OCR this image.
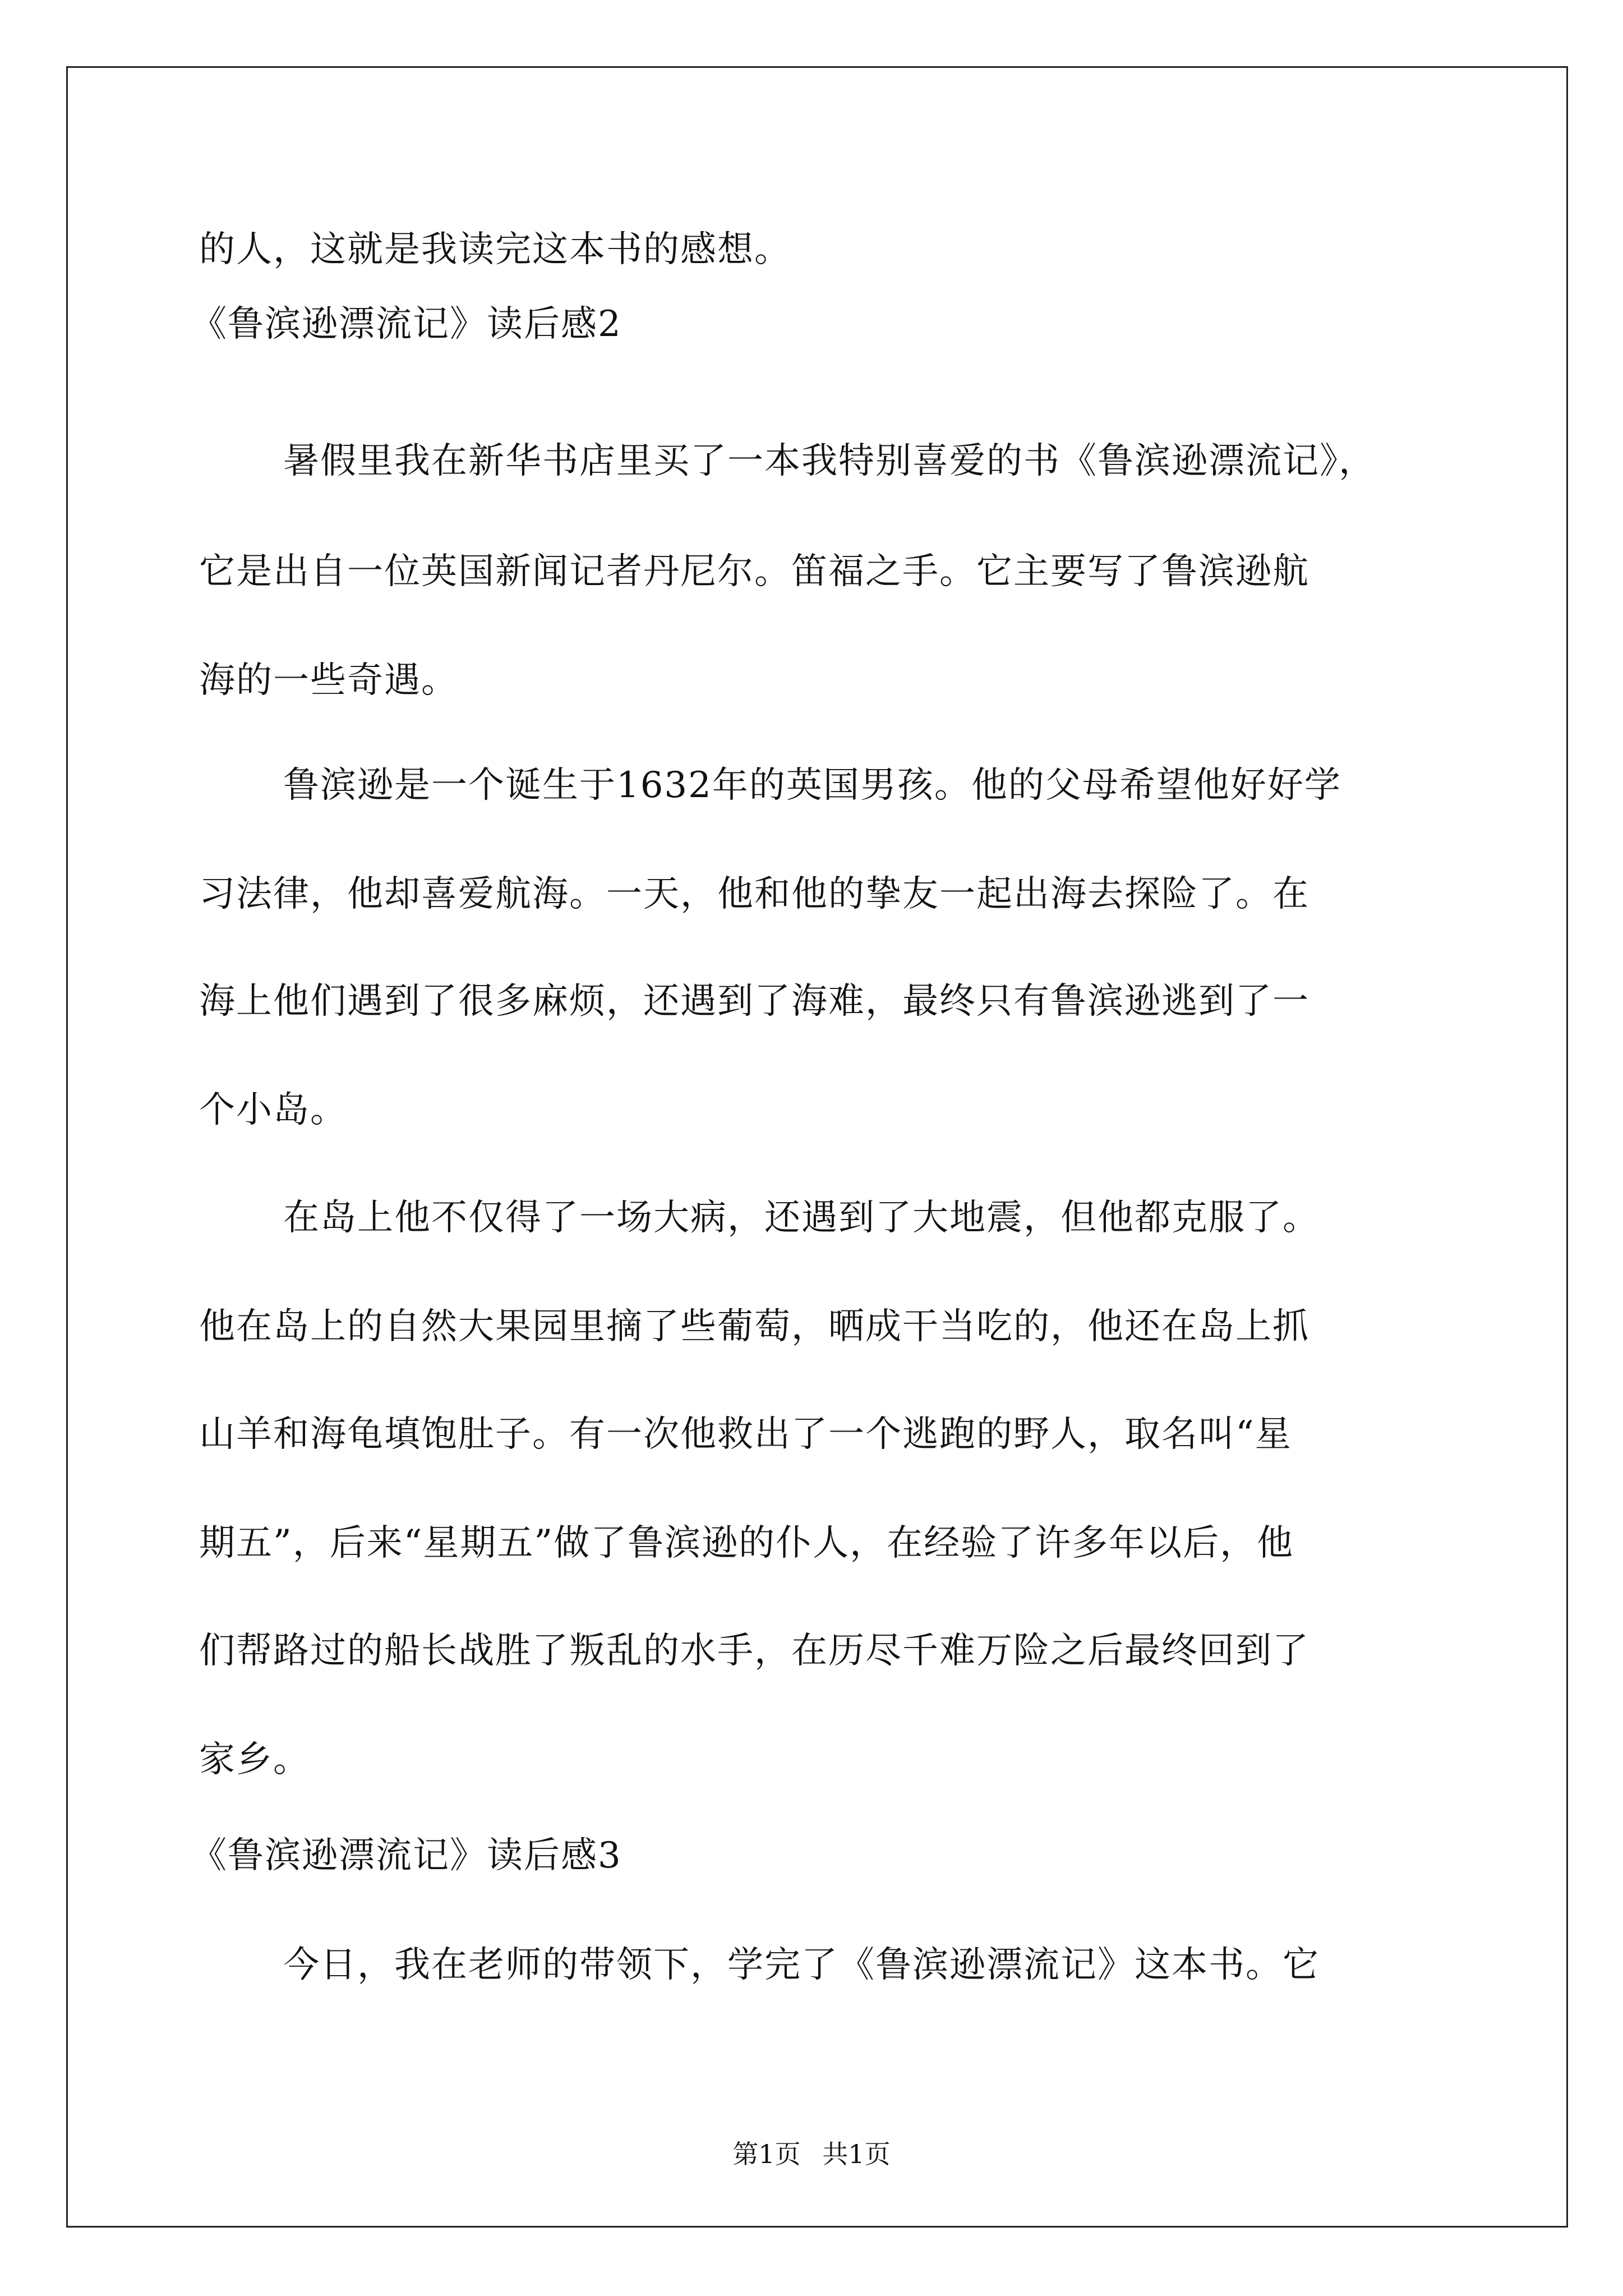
的人，这就是我读完这本书的感想。
《鲁滨逊漂流记》读后感2
暑假里我在新华书店里买了一本我特别喜爱的书《鲁滨逊漂流记》，
它是出自一位英国新闻记者丹尼尔。笛福之手。它主要写了鲁滨逊航
海的一些奇遇。
鲁滨逊是一个诞生于1632年的英国男孩。他的父母希望他好好学
习法律，他却喜爱航海。一天，他和他的挚友一起出海去探险了。在
海上他们遇到了很多麻烦，还遇到了海难，最终只有鲁滨逊逃到了一
个小岛。
在岛上他不仅得了一场大病，还遇到了大地震，但他都克服了。
他在岛上的自然大果园里摘了些葡萄，晒成干当吃的，他还在岛上抓
山羊和海龟填饱肚子。有一次他救出了一个逃跑的野人，取名叫“星
期五”，后来“星期五”做了鲁滨逊的仆人，在经验了许多年以后，他
们帮路过的船长战胜了叛乱的水手，在历尽千难万险之后最终回到了
家乡。
《鲁滨逊漂流记》读后感3
今日，我在老师的带领下，学完了《鲁滨逊漂流记》这本书。它
第1页 共1页
